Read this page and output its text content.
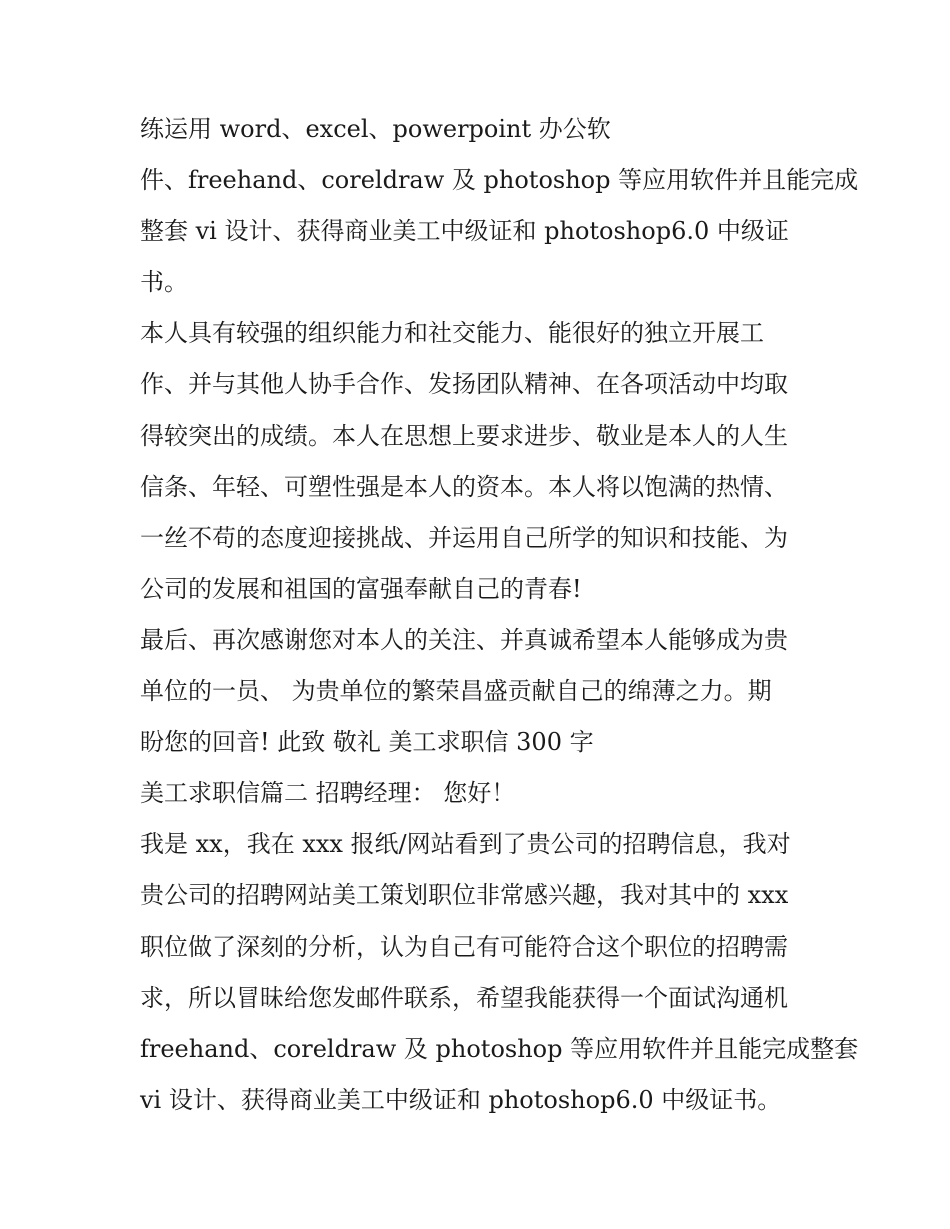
练运用 word、excel、powerpoint 办公软
件、freehand、coreldraw 及 photoshop 等应用软件并且能完成
整套 vi 设计、获得商业美工中级证和 photoshop6.0 中级证
书。
本人具有较强的组织能力和社交能力、能很好的独立开展工
作、并与其他人协手合作、发扬团队精神、在各项活动中均取
得较突出的成绩。本人在思想上要求进步、敬业是本人的人生
信条、年轻、可塑性强是本人的资本。本人将以饱满的热情、
一丝不苟的态度迎接挑战、并运用自己所学的知识和技能、为
公司的发展和祖国的富强奉献自己的青春!
最后、再次感谢您对本人的关注、并真诚希望本人能够成为贵
单位的一员、 为贵单位的繁荣昌盛贡献自己的绵薄之力。期
盼您的回音! 此致 敬礼 美工求职信 300 字
美工求职信篇二 招聘经理： 您好！
我是 xx，我在 xxx 报纸/网站看到了贵公司的招聘信息，我对
贵公司的招聘网站美工策划职位非常感兴趣，我对其中的 xxx
职位做了深刻的分析，认为自己有可能符合这个职位的招聘需
求，所以冒昧给您发邮件联系，希望我能获得一个面试沟通机
freehand、coreldraw 及 photoshop 等应用软件并且能完成整套
vi 设计、获得商业美工中级证和 photoshop6.0 中级证书。
